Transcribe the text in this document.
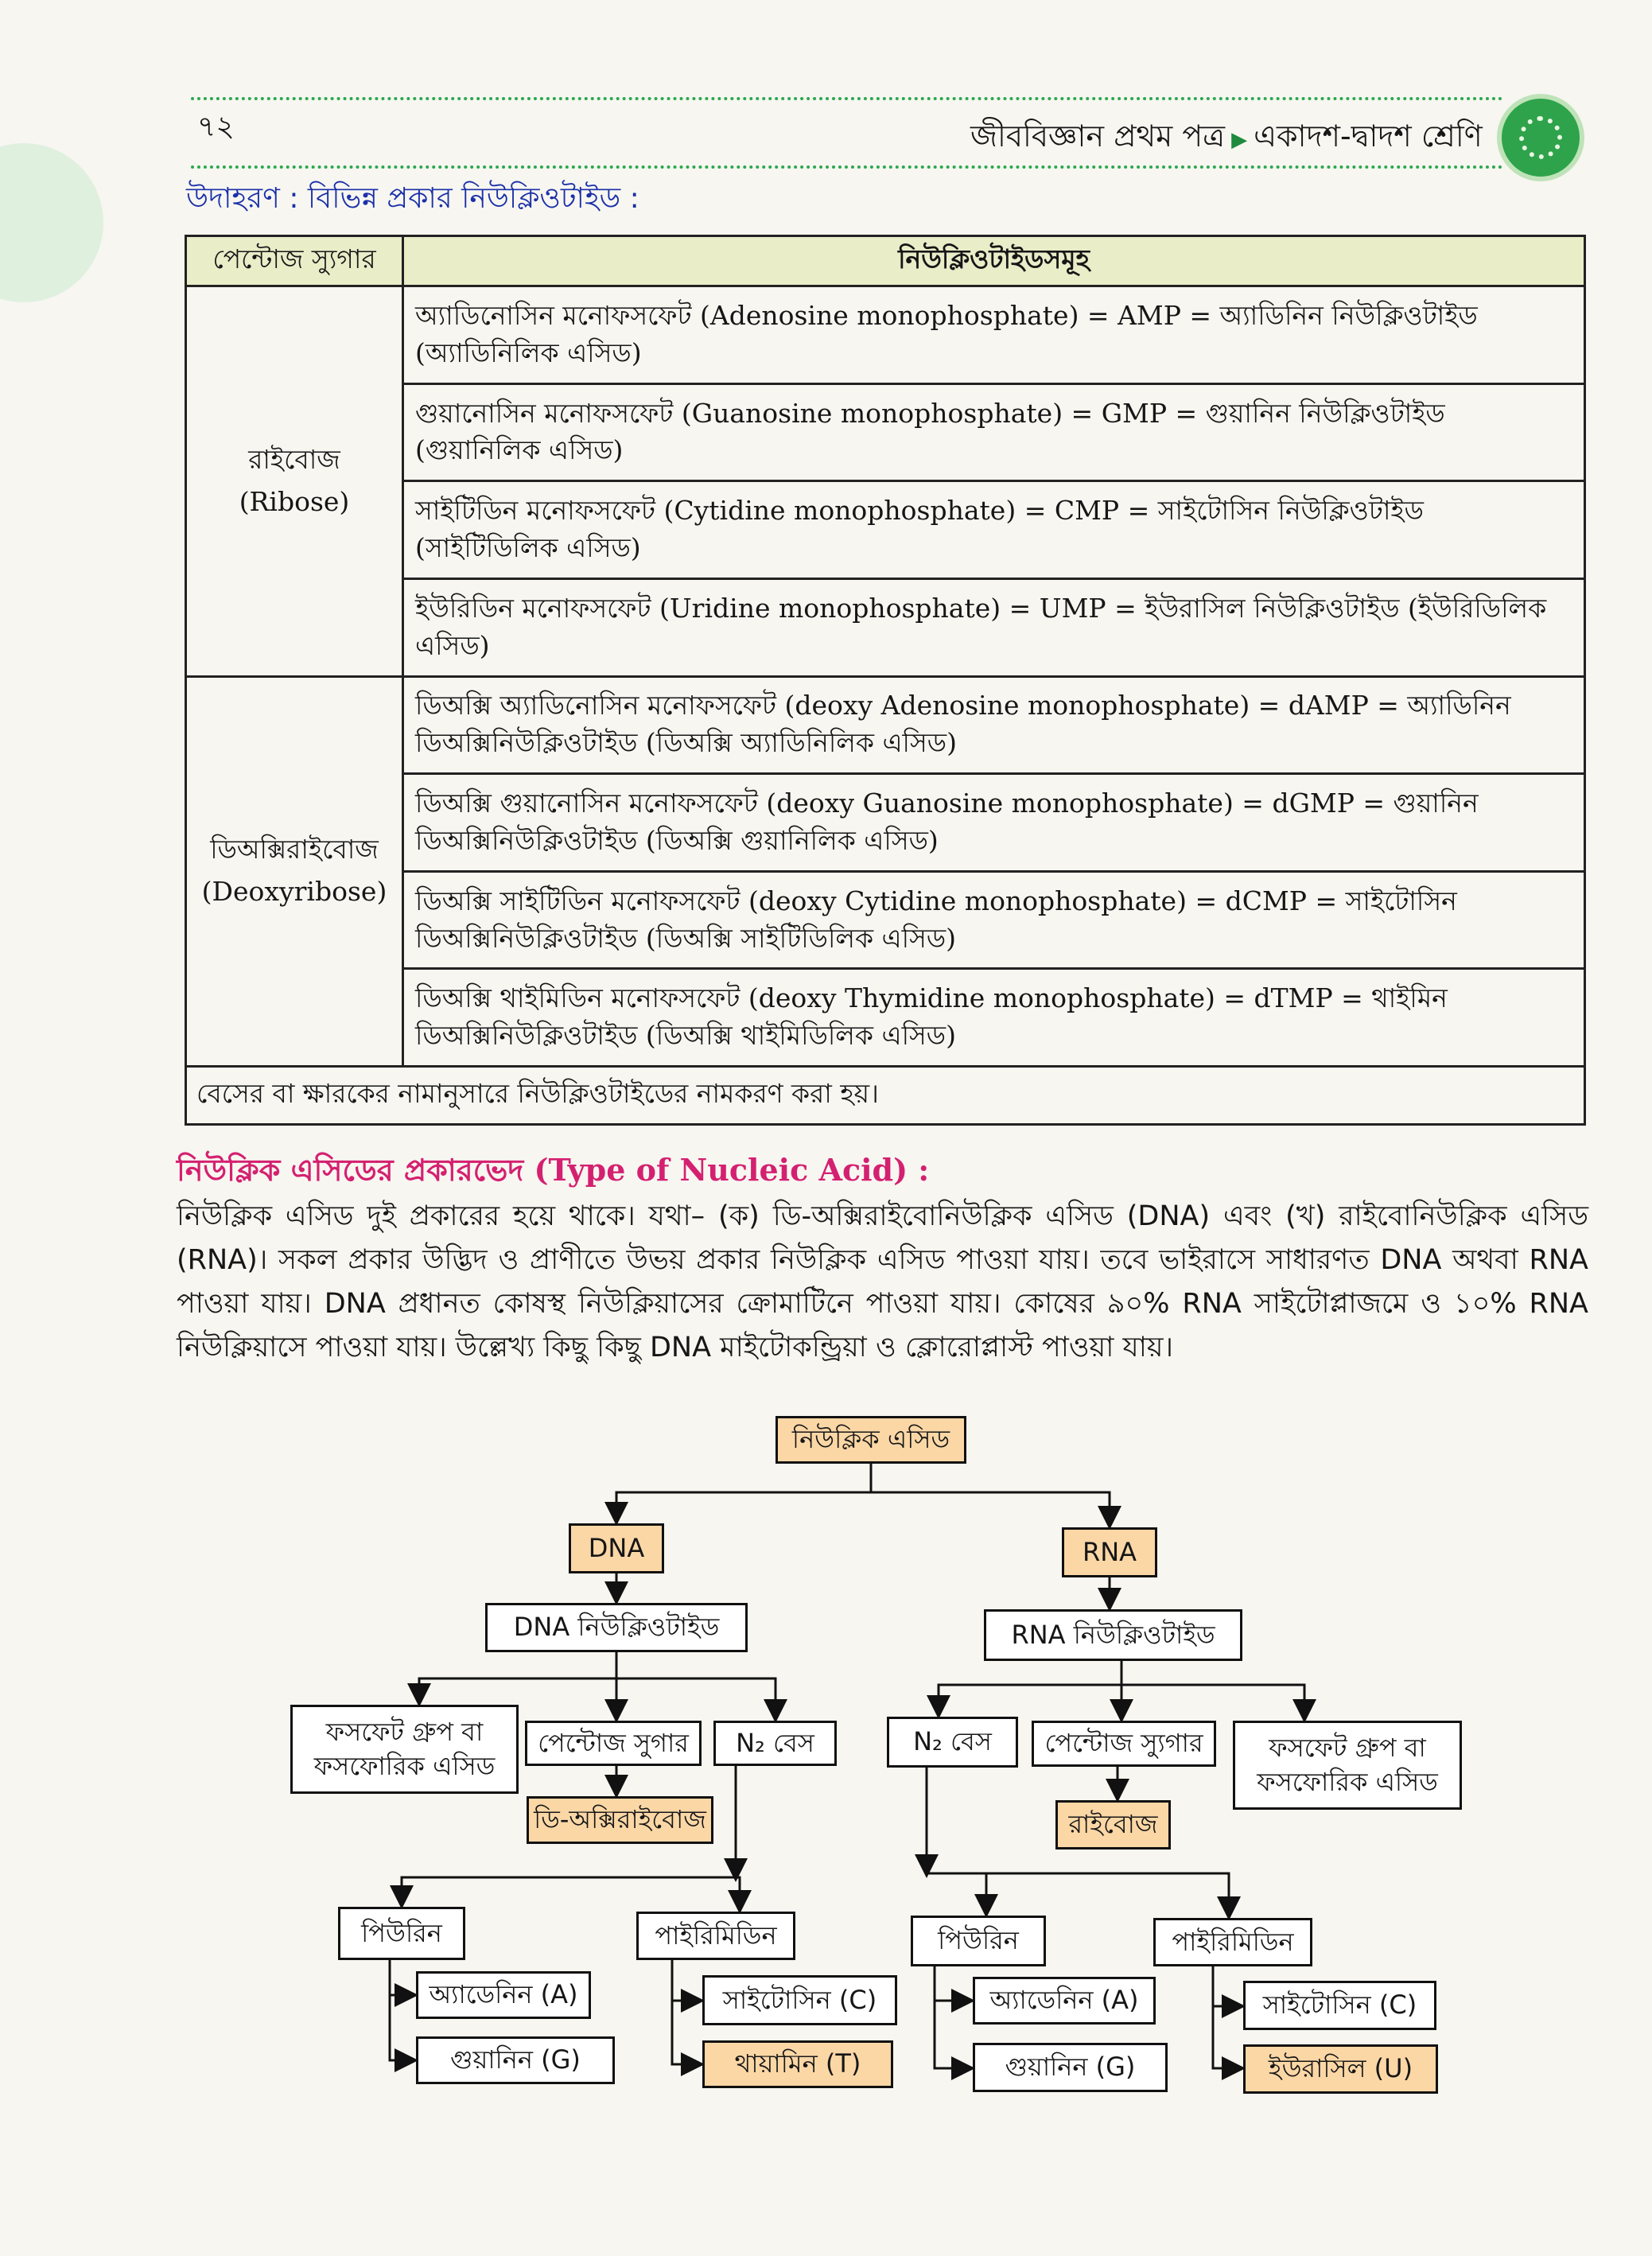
৭২	জীববিজ্ঞান প্রথম পত্র ▶ একাদশ-দ্বাদশ শ্রেণি
উদাহরণ : বিভিন্ন প্রকার নিউক্লিওটাইড :
পেন্টোজ স্যুগার	নিউক্লিওটাইডসমূহ

রাইবোজ
(Ribose)	অ্যাডিনোসিন মনোফসফেট (Adenosine monophosphate) = AMP = অ্যাডিনিন নিউক্লিওটাইড (অ্যাডিনিলিক এসিড)
	গুয়ানোসিন মনোফসফেট (Guanosine monophosphate) = GMP = গুয়ানিন নিউক্লিওটাইড (গুয়ানিলিক এসিড)
	সাইটিডিন মনোফসফেট (Cytidine monophosphate) = CMP = সাইটোসিন নিউক্লিওটাইড (সাইটিডিলিক এসিড)
	ইউরিডিন মনোফসফেট (Uridine monophosphate) = UMP = ইউরাসিল নিউক্লিওটাইড (ইউরিডিলিক এসিড)

ডিঅক্সিরাইবোজ
(Deoxyribose)	ডিঅক্সি অ্যাডিনোসিন মনোফসফেট (deoxy Adenosine monophosphate) = dAMP = অ্যাডিনিন ডিঅক্সিনিউক্লিওটাইড (ডিঅক্সি অ্যাডিনিলিক এসিড)
	ডিঅক্সি গুয়ানোসিন মনোফসফেট (deoxy Guanosine monophosphate) = dGMP = গুয়ানিন ডিঅক্সিনিউক্লিওটাইড (ডিঅক্সি গুয়ানিলিক এসিড)
	ডিঅক্সি সাইটিডিন মনোফসফেট (deoxy Cytidine monophosphate) = dCMP = সাইটোসিন ডিঅক্সিনিউক্লিওটাইড (ডিঅক্সি সাইটিডিলিক এসিড)
	ডিঅক্সি থাইমিডিন মনোফসফেট (deoxy Thymidine monophosphate) = dTMP = থাইমিন ডিঅক্সিনিউক্লিওটাইড (ডিঅক্সি থাইমিডিলিক এসিড)
বেসের বা ক্ষারকের নামানুসারে নিউক্লিওটাইডের নামকরণ করা হয়।	
নিউক্লিক এসিডের প্রকারভেদ (Type of Nucleic Acid) :
নিউক্লিক এসিড দুই প্রকারের হয়ে থাকে। যথা– (ক) ডি-অক্সিরাইবোনিউক্লিক এসিড (DNA) এবং (খ) রাইবোনিউক্লিক এসিড (RNA)। সকল প্রকার উদ্ভিদ ও প্রাণীতে উভয় প্রকার নিউক্লিক এসিড পাওয়া যায়। তবে ভাইরাসে সাধারণত DNA অথবা RNA পাওয়া যায়। DNA প্রধানত কোষস্থ নিউক্লিয়াসের ক্রোমাটিনে পাওয়া যায়। কোষের ৯০% RNA সাইটোপ্লাজমে ও ১০% RNA নিউক্লিয়াসে পাওয়া যায়। উল্লেখ্য কিছু কিছু DNA মাইটোকন্ড্রিয়া ও ক্লোরোপ্লাস্ট পাওয়া যায়।
নিউক্লিক এসিড
DNA	RNA
DNA নিউক্লিওটাইড	RNA নিউক্লিওটাইড
ফসফেট গ্রুপ বা ফসফোরিক এসিড
পেন্টোজ সুগার	N₂ বেস
ডি-অক্সিরাইবোজ
N₂ বেস	পেন্টোজ স্যুগার	ফসফেট গ্রুপ বা ফসফোরিক এসিড
রাইবোজ
পিউরিন	পাইরিমিডিন
অ্যাডেনিন (A)
গুয়ানিন (G)
সাইটোসিন (C)
থায়ামিন (T)
পিউরিন	পাইরিমিডিন
অ্যাডেনিন (A)
গুয়ানিন (G)
সাইটোসিন (C)
ইউরাসিল (U)
